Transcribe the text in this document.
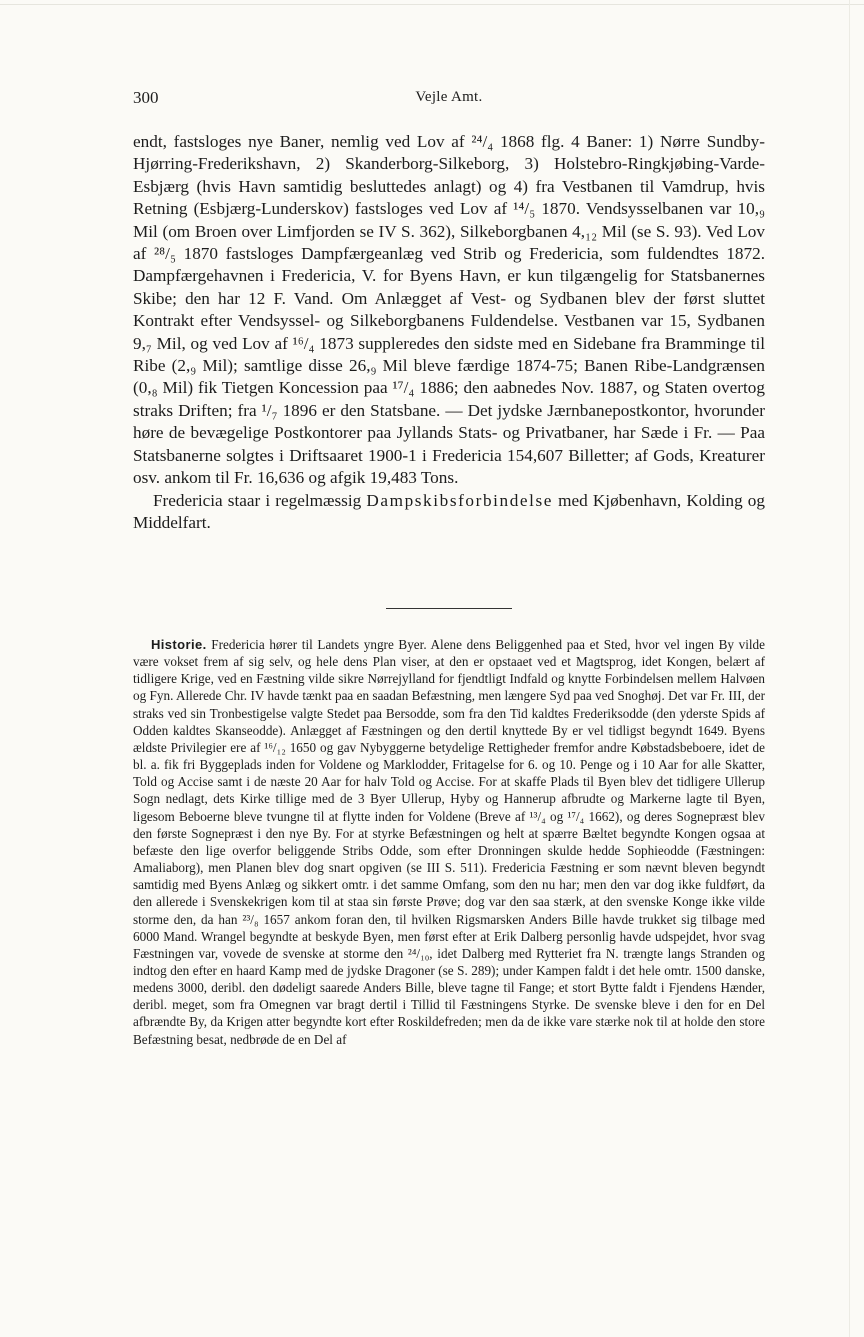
300	Vejle Amt.

endt, fastsloges nye Baner, nemlig ved Lov af ²⁴/₄ 1868 flg. 4 Baner: 1) Nørre Sundby-Hjørring-Frederikshavn, 2) Skanderborg-Silkeborg, 3) Holstebro-Ringkjøbing-Varde-Esbjærg (hvis Havn samtidig besluttedes anlagt) og 4) fra Vestbanen til Vamdrup, hvis Retning (Esbjærg-Lunderskov) fastsloges ved Lov af ¹⁴/₅ 1870. Vendsysselbanen var 10,₉ Mil (om Broen over Limfjorden se IV S. 362), Silkeborgbanen 4,₁₂ Mil (se S. 93). Ved Lov af ²⁸/₅ 1870 fastsloges Dampfærgeanlæg ved Strib og Fredericia, som fuldendtes 1872. Dampfærgehavnen i Fredericia, V. for Byens Havn, er kun tilgængelig for Statsbanernes Skibe; den har 12 F. Vand. Om Anlægget af Vest- og Sydbanen blev der først sluttet Kontrakt efter Vendsyssel- og Silkeborgbanens Fuldendelse. Vestbanen var 15, Sydbanen 9,₇ Mil, og ved Lov af ¹⁶/₄ 1873 suppleredes den sidste med en Sidebane fra Bramminge til Ribe (2,₉ Mil); samtlige disse 26,₉ Mil bleve færdige 1874-75; Banen Ribe-Landgrænsen (0,₈ Mil) fik Tietgen Koncession paa ¹⁷/₄ 1886; den aabnedes Nov. 1887, og Staten overtog straks Driften; fra ¹/₇ 1896 er den Statsbane. — Det jydske Jærnbanepostkontor, hvorunder høre de bevægelige Postkontorer paa Jyllands Stats- og Privatbaner, har Sæde i Fr. — Paa Statsbanerne solgtes i Driftsaaret 1900-1 i Fredericia 154,607 Billetter; af Gods, Kreaturer osv. ankom til Fr. 16,636 og afgik 19,483 Tons.

Fredericia staar i regelmæssig Dampskibsforbindelse med Kjøbenhavn, Kolding og Middelfart.

Historie. Fredericia hører til Landets yngre Byer. Alene dens Beliggenhed paa et Sted, hvor vel ingen By vilde være vokset frem af sig selv, og hele dens Plan viser, at den er opstaaet ved et Magtsprog, idet Kongen, belært af tidligere Krige, ved en Fæstning vilde sikre Nørrejylland for fjendtligt Indfald og knytte Forbindelsen mellem Halvøen og Fyn. Allerede Chr. IV havde tænkt paa en saadan Befæstning, men længere Syd paa ved Snoghøj. Det var Fr. III, der straks ved sin Tronbestigelse valgte Stedet paa Bersodde, som fra den Tid kaldtes Frederiksodde (den yderste Spids af Odden kaldtes Skanseodde). Anlægget af Fæstningen og den dertil knyttede By er vel tidligst begyndt 1649. Byens ældste Privilegier ere af ¹⁶/₁₂ 1650 og gav Nybyggerne betydelige Rettigheder fremfor andre Købstadsbeboere, idet de bl. a. fik fri Byggeplads inden for Voldene og Marklodder, Fritagelse for 6. og 10. Penge og i 10 Aar for alle Skatter, Told og Accise samt i de næste 20 Aar for halv Told og Accise. For at skaffe Plads til Byen blev det tidligere Ullerup Sogn nedlagt, dets Kirke tillige med de 3 Byer Ullerup, Hyby og Hannerup afbrudte og Markerne lagte til Byen, ligesom Beboerne bleve tvungne til at flytte inden for Voldene (Breve af ¹³/₄ og ¹⁷/₄ 1662), og deres Sognepræst blev den første Sognepræst i den nye By. For at styrke Befæstningen og helt at spærre Bæltet begyndte Kongen ogsaa at befæste den lige overfor beliggende Stribs Odde, som efter Dronningen skulde hedde Sophieodde (Fæstningen: Amaliaborg), men Planen blev dog snart opgiven (se III S. 511). Fredericia Fæstning er som nævnt bleven begyndt samtidig med Byens Anlæg og sikkert omtr. i det samme Omfang, som den nu har; men den var dog ikke fuldført, da den allerede i Svenskekrigen kom til at staa sin første Prøve; dog var den saa stærk, at den svenske Konge ikke vilde storme den, da han ²³/₈ 1657 ankom foran den, til hvilken Rigsmarsken Anders Bille havde trukket sig tilbage med 6000 Mand. Wrangel begyndte at beskyde Byen, men først efter at Erik Dalberg personlig havde udspejdet, hvor svag Fæstningen var, vovede de svenske at storme den ²⁴/₁₀, idet Dalberg med Rytteriet fra N. trængte langs Stranden og indtog den efter en haard Kamp med de jydske Dragoner (se S. 289); under Kampen faldt i det hele omtr. 1500 danske, medens 3000, deribl. den dødeligt saarede Anders Bille, bleve tagne til Fange; et stort Bytte faldt i Fjendens Hænder, deribl. meget, som fra Omegnen var bragt dertil i Tillid til Fæstningens Styrke. De svenske bleve i den for en Del afbrændte By, da Krigen atter begyndte kort efter Roskildefreden; men da de ikke vare stærke nok til at holde den store Befæstning besat, nedbrøde de en Del af
